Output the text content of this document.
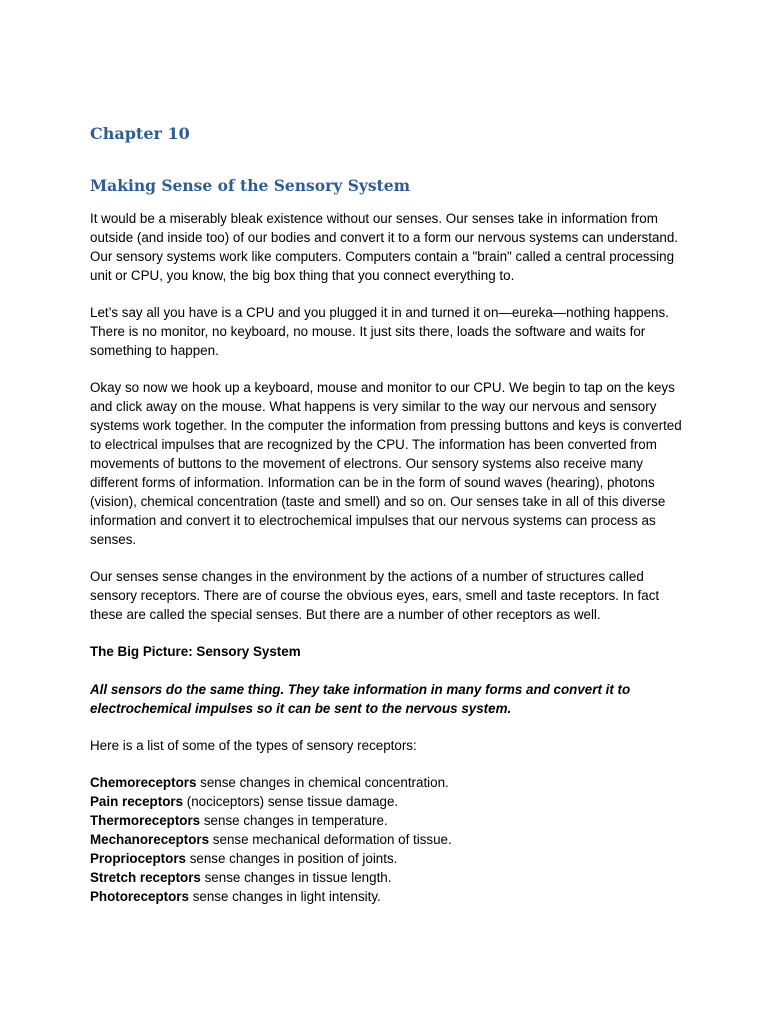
Chapter 10
Making Sense of the Sensory System

It would be a miserably bleak existence without our senses. Our senses take in information from outside (and inside too) of our bodies and convert it to a form our nervous systems can understand. Our sensory systems work like computers. Computers contain a "brain" called a central processing unit or CPU, you know, the big box thing that you connect everything to.

Let’s say all you have is a CPU and you plugged it in and turned it on—eureka—nothing happens. There is no monitor, no keyboard, no mouse. It just sits there, loads the software and waits for something to happen.

Okay so now we hook up a keyboard, mouse and monitor to our CPU. We begin to tap on the keys and click away on the mouse. What happens is very similar to the way our nervous and sensory systems work together. In the computer the information from pressing buttons and keys is converted to electrical impulses that are recognized by the CPU. The information has been converted from movements of buttons to the movement of electrons. Our sensory systems also receive many different forms of information. Information can be in the form of sound waves (hearing), photons (vision), chemical concentration (taste and smell) and so on. Our senses take in all of this diverse information and convert it to electrochemical impulses that our nervous systems can process as senses.

Our senses sense changes in the environment by the actions of a number of structures called sensory receptors. There are of course the obvious eyes, ears, smell and taste receptors. In fact these are called the special senses. But there are a number of other receptors as well.

The Big Picture: Sensory System

All sensors do the same thing. They take information in many forms and convert it to electrochemical impulses so it can be sent to the nervous system.

Here is a list of some of the types of sensory receptors:

Chemoreceptors sense changes in chemical concentration.
Pain receptors (nociceptors) sense tissue damage.
Thermoreceptors sense changes in temperature.
Mechanoreceptors sense mechanical deformation of tissue.
Proprioceptors sense changes in position of joints.
Stretch receptors sense changes in tissue length.
Photoreceptors sense changes in light intensity.
